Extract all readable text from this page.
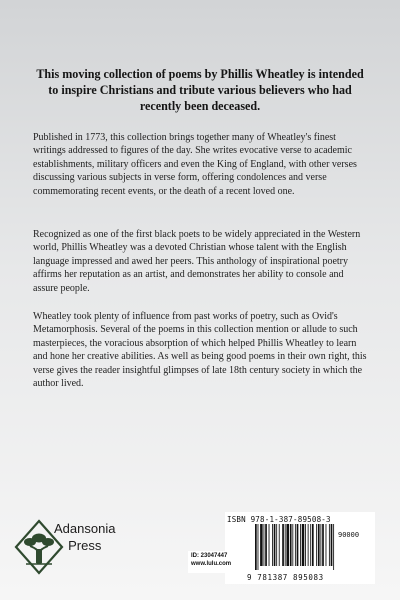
This moving collection of poems by Phillis Wheatley is intended to inspire Christians and tribute various believers who had recently been deceased.

Published in 1773, this collection brings together many of Wheatley's finest writings addressed to figures of the day. She writes evocative verse to academic establishments, military officers and even the King of England, with other verses discussing various subjects in verse form, offering condolences and verse commemorating recent events, or the death of a recent loved one.

Recognized as one of the first black poets to be widely appreciated in the Western world, Phillis Wheatley was a devoted Christian whose talent with the English language impressed and awed her peers. This anthology of inspirational poetry affirms her reputation as an artist, and demonstrates her ability to console and assure people.

Wheatley took plenty of influence from past works of poetry, such as Ovid's Metamorphosis. Several of the poems in this collection mention or allude to such masterpieces, the voracious absorption of which helped Phillis Wheatley to learn and hone her creative abilities. As well as being good poems in their own right, this verse gives the reader insightful glimpses of late 18th century society in which the author lived.

Adansonia
Press
ISBN 978-1-387-89508-3
90000
9 781387 895083
ID: 23047447
www.lulu.com
